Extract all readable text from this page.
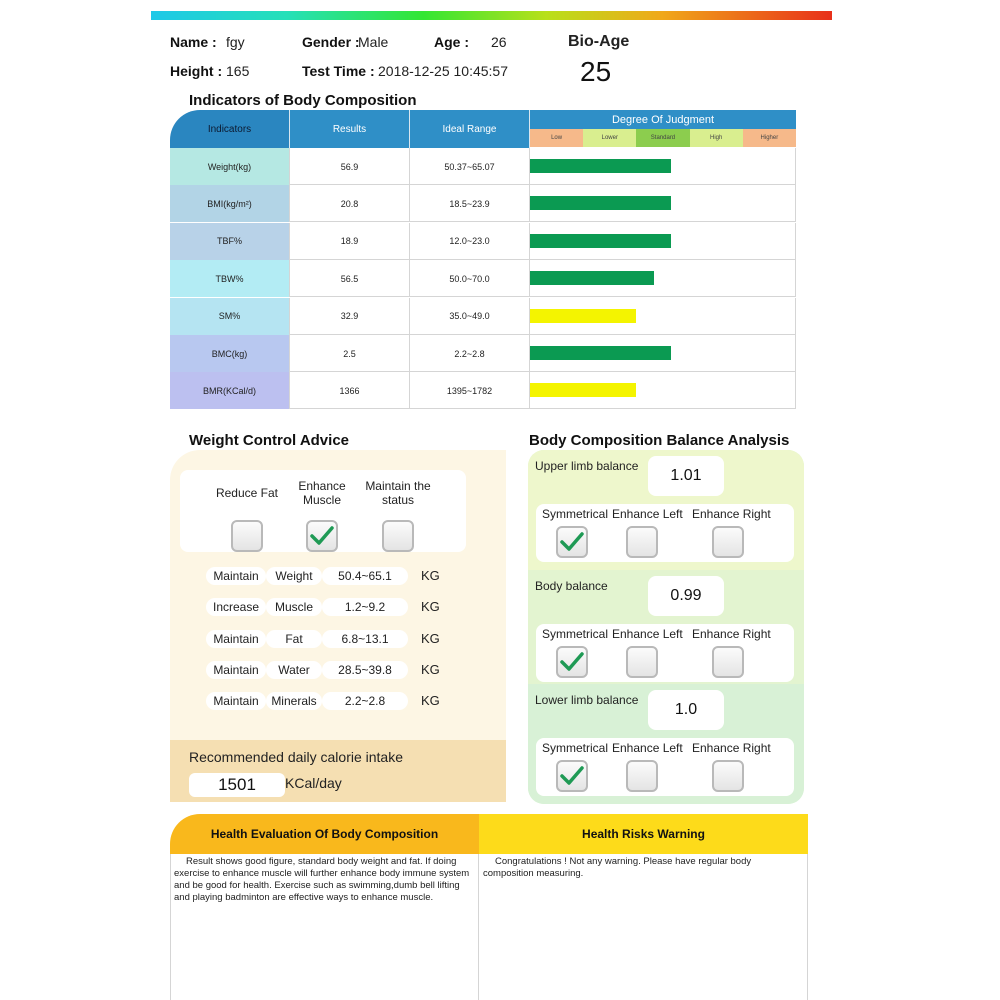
Name : fgy	Gender :
Male	Age : 26
Height : 165	Test Time : 2018-12-25 10:45:57
Bio-Age
25
Indicators of Body Composition
Indicators	Results	Ideal Range
Degree Of Judgment
Low	Lower	Standard	High	Higher
Weight(kg)	56.9	50.37~65.07
BMI(kg/m²)	20.8	18.5~23.9
TBF%	18.9	12.0~23.0
TBW%	56.5	50.0~70.0
SM%	32.9	35.0~49.0
BMC(kg)	2.5	2.2~2.8
BMR(KCal/d)	1366	1395~1782
Weight Control Advice
Reduce Fat	Enhance
Muscle
Maintain the
status
Maintain	Weight	50.4~65.1	KG
Increase	Muscle	1.2~9.2	KG
Maintain	Fat	6.8~13.1	KG
Maintain	Water	28.5~39.8	KG
Maintain	Minerals	2.2~2.8	KG
Recommended daily calorie intake
1501	KCal/day
Body Composition Balance Analysis
Upper limb balance
1.01
Symmetrical Enhance Left Enhance Right
Body balance
0.99
Symmetrical Enhance Left Enhance Right
Lower limb balance
1.0
Symmetrical Enhance Left Enhance Right
Health Evaluation Of Body Composition	Health Risks Warning
Result shows good figure, standard body weight and fat. If doing exercise to enhance muscle will further enhance body immune system and be good for health. Exercise such as swimming,dumb bell lifting and playing badminton are effective ways to enhance muscle.
Congratulations ! Not any warning. Please have regular body composition measuring.
